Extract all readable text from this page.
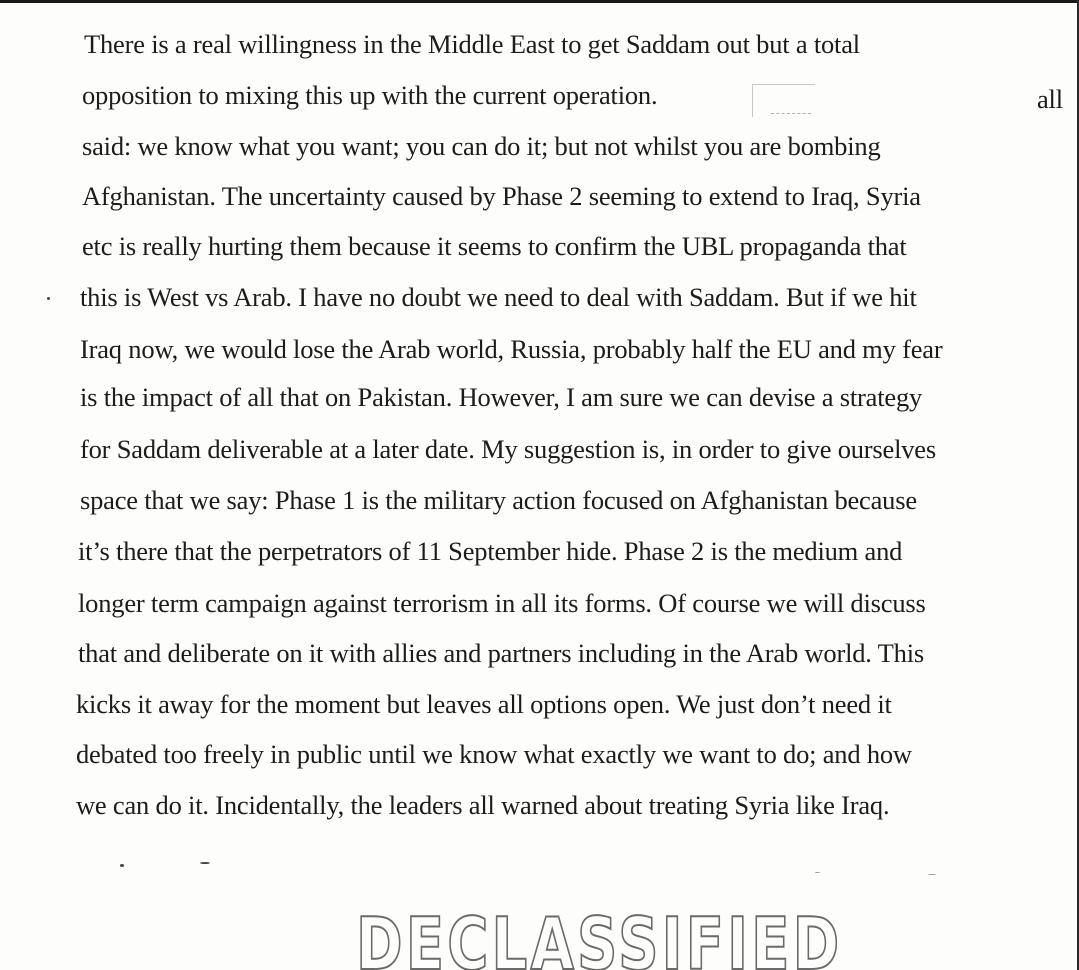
There is a real willingness in the Middle East to get Saddam out but a total
opposition to mixing this up with the current operation.	all
said: we know what you want; you can do it; but not whilst you are bombing
Afghanistan. The uncertainty caused by Phase 2 seeming to extend to Iraq, Syria
etc is really hurting them because it seems to confirm the UBL propaganda that
this is West vs Arab. I have no doubt we need to deal with Saddam. But if we hit
Iraq now, we would lose the Arab world, Russia, probably half the EU and my fear
is the impact of all that on Pakistan. However, I am sure we can devise a strategy
for Saddam deliverable at a later date. My suggestion is, in order to give ourselves
space that we say: Phase 1 is the military action focused on Afghanistan because
it’s there that the perpetrators of 11 September hide. Phase 2 is the medium and
longer term campaign against terrorism in all its forms. Of course we will discuss
that and deliberate on it with allies and partners including in the Arab world. This
kicks it away for the moment but leaves all options open. We just don’t need it
debated too freely in public until we know what exactly we want to do; and how
we can do it. Incidentally, the leaders all warned about treating Syria like Iraq.
DECLASSIFIED
